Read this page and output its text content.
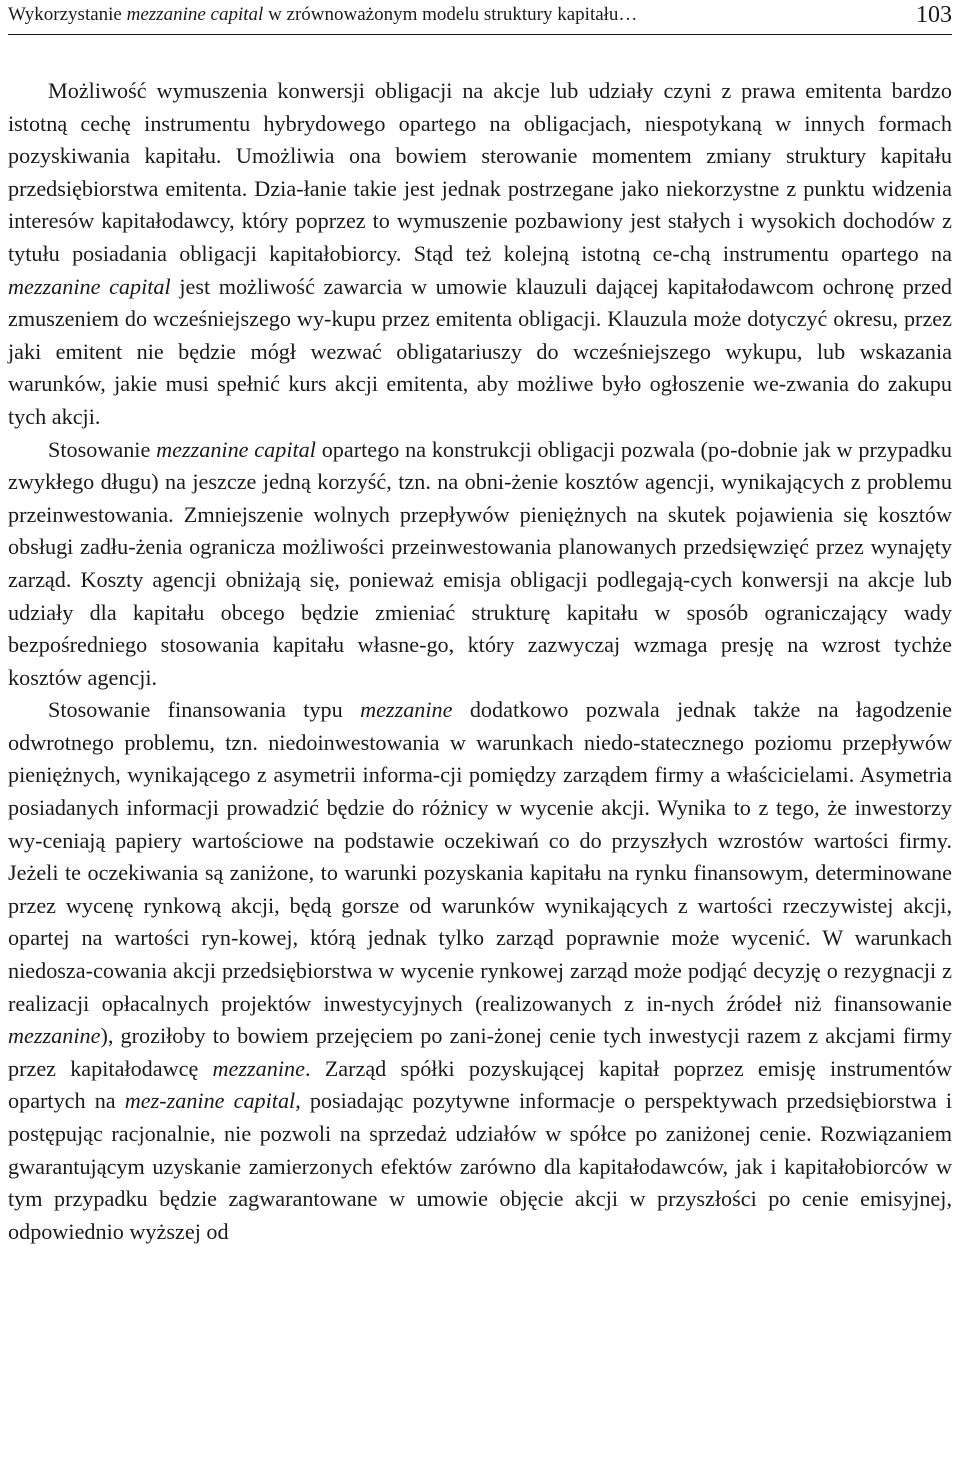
Wykorzystanie mezzanine capital w zrównoważonym modelu struktury kapitału…	103

Możliwość wymuszenia konwersji obligacji na akcje lub udziały czyni z prawa emitenta bardzo istotną cechę instrumentu hybrydowego opartego na obligacjach, niespotykaną w innych formach pozyskiwania kapitału. Umożliwia ona bowiem sterowanie momentem zmiany struktury kapitału przedsiębiorstwa emitenta. Dzia-łanie takie jest jednak postrzegane jako niekorzystne z punktu widzenia interesów kapitałodawcy, który poprzez to wymuszenie pozbawiony jest stałych i wysokich dochodów z tytułu posiadania obligacji kapitałobiorcy. Stąd też kolejną istotną ce-chą instrumentu opartego na mezzanine capital jest możliwość zawarcia w umowie klauzuli dającej kapitałodawcom ochronę przed zmuszeniem do wcześniejszego wy-kupu przez emitenta obligacji. Klauzula może dotyczyć okresu, przez jaki emitent nie będzie mógł wezwać obligatariuszy do wcześniejszego wykupu, lub wskazania warunków, jakie musi spełnić kurs akcji emitenta, aby możliwe było ogłoszenie we-zwania do zakupu tych akcji.

Stosowanie mezzanine capital opartego na konstrukcji obligacji pozwala (po-dobnie jak w przypadku zwykłego długu) na jeszcze jedną korzyść, tzn. na obni-żenie kosztów agencji, wynikających z problemu przeinwestowania. Zmniejszenie wolnych przepływów pieniężnych na skutek pojawienia się kosztów obsługi zadłu-żenia ogranicza możliwości przeinwestowania planowanych przedsięwzięć przez wynajęty zarząd. Koszty agencji obniżają się, ponieważ emisja obligacji podlegają-cych konwersji na akcje lub udziały dla kapitału obcego będzie zmieniać strukturę kapitału w sposób ograniczający wady bezpośredniego stosowania kapitału własne-go, który zazwyczaj wzmaga presję na wzrost tychże kosztów agencji.

Stosowanie finansowania typu mezzanine dodatkowo pozwala jednak także na łagodzenie odwrotnego problemu, tzn. niedoinwestowania w warunkach niedo-statecznego poziomu przepływów pieniężnych, wynikającego z asymetrii informa-cji pomiędzy zarządem firmy a właścicielami. Asymetria posiadanych informacji prowadzić będzie do różnicy w wycenie akcji. Wynika to z tego, że inwestorzy wy-ceniają papiery wartościowe na podstawie oczekiwań co do przyszłych wzrostów wartości firmy. Jeżeli te oczekiwania są zaniżone, to warunki pozyskania kapitału na rynku finansowym, determinowane przez wycenę rynkową akcji, będą gorsze od warunków wynikających z wartości rzeczywistej akcji, opartej na wartości ryn-kowej, którą jednak tylko zarząd poprawnie może wycenić. W warunkach niedosza-cowania akcji przedsiębiorstwa w wycenie rynkowej zarząd może podjąć decyzję o rezygnacji z realizacji opłacalnych projektów inwestycyjnych (realizowanych z in-nych źródeł niż finansowanie mezzanine), groziłoby to bowiem przejęciem po zani-żonej cenie tych inwestycji razem z akcjami firmy przez kapitałodawcę mezzanine. Zarząd spółki pozyskującej kapitał poprzez emisję instrumentów opartych na mez-zanine capital, posiadając pozytywne informacje o perspektywach przedsiębiorstwa i postępując racjonalnie, nie pozwoli na sprzedaż udziałów w spółce po zaniżonej cenie. Rozwiązaniem gwarantującym uzyskanie zamierzonych efektów zarówno dla kapitałodawców, jak i kapitałobiorców w tym przypadku będzie zagwarantowane w umowie objęcie akcji w przyszłości po cenie emisyjnej, odpowiednio wyższej od
